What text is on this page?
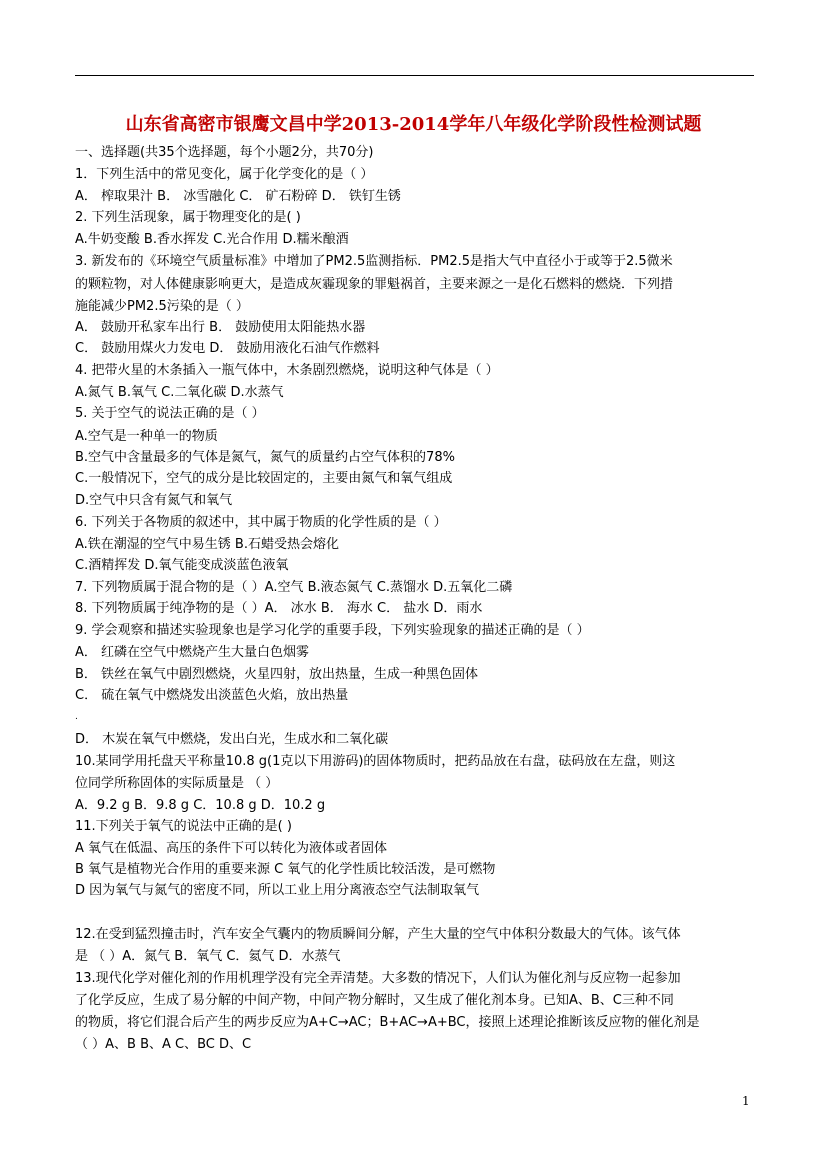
山东省高密市银鹰文昌中学2013-2014学年八年级化学阶段性检测试题
一、选择题(共35个选择题，每个小题2分，共70分)
1．下列生活中的常见变化，属于化学变化的是（ ）
A． 榨取果汁 B． 冰雪融化 C． 矿石粉碎 D． 铁钉生锈
2. 下列生活现象，属于物理变化的是( )
A.牛奶变酸 B.香水挥发 C.光合作用 D.糯米酿酒
3. 新发布的《环境空气质量标准》中增加了PM2.5监测指标．PM2.5是指大气中直径小于或等于2.5微米
的颗粒物，对人体健康影响更大，是造成灰霾现象的罪魁祸首，主要来源之一是化石燃料的燃烧．下列措
施能减少PM2.5污染的是（ ）
A． 鼓励开私家车出行 B． 鼓励使用太阳能热水器
C． 鼓励用煤火力发电 D． 鼓励用液化石油气作燃料
4. 把带火星的木条插入一瓶气体中，木条剧烈燃烧，说明这种气体是（ ）
A.氮气 B.氧气 C.二氧化碳 D.水蒸气
5. 关于空气的说法正确的是（ ）
A.空气是一种单一的物质
B.空气中含量最多的气体是氮气，氮气的质量约占空气体积的78%
C.一般情况下，空气的成分是比较固定的，主要由氮气和氧气组成
D.空气中只含有氮气和氧气
6. 下列关于各物质的叙述中，其中属于物质的化学性质的是（ ）
A.铁在潮湿的空气中易生锈 B.石蜡受热会熔化
C.酒精挥发 D.氧气能变成淡蓝色液氧
7. 下列物质属于混合物的是（ ）A.空气 B.液态氮气 C.蒸馏水 D.五氧化二磷
8. 下列物质属于纯净物的是（ ）A． 冰水 B． 海水 C． 盐水 D．雨水
9. 学会观察和描述实验现象也是学习化学的重要手段，下列实验现象的描述正确的是（ ）
A． 红磷在空气中燃烧产生大量白色烟雾
B． 铁丝在氧气中剧烈燃烧，火星四射，放出热量，生成一种黑色固体
C． 硫在氧气中燃烧发出淡蓝色火焰，放出热量
.
D． 木炭在氧气中燃烧，发出白光，生成水和二氧化碳
10.某同学用托盘天平称量10.8 g(1克以下用游码)的固体物质时，把药品放在右盘，砝码放在左盘，则这
位同学所称固体的实际质量是 （ ）
A．9.2 g B．9.8 g C．10.8 g D．10.2 g
11.下列关于氧气的说法中正确的是( )
A 氧气在低温、高压的条件下可以转化为液体或者固体
B 氧气是植物光合作用的重要来源 C 氧气的化学性质比较活泼，是可燃物
D 因为氧气与氮气的密度不同，所以工业上用分离液态空气法制取氧气
12.在受到猛烈撞击时，汽车安全气囊内的物质瞬间分解，产生大量的空气中体积分数最大的气体。该气体
是 （ ）A．氮气 B．氧气 C．氦气 D．水蒸气
13.现代化学对催化剂的作用机理学没有完全弄清楚。大多数的情况下，人们认为催化剂与反应物一起参加
了化学反应，生成了易分解的中间产物，中间产物分解时，又生成了催化剂本身。已知A、B、C三种不同
的物质，将它们混合后产生的两步反应为A+C→AC；B+AC→A+BC，接照上述理论推断该反应物的催化剂是
（ ）A、B B、A C、BC D、C
1
